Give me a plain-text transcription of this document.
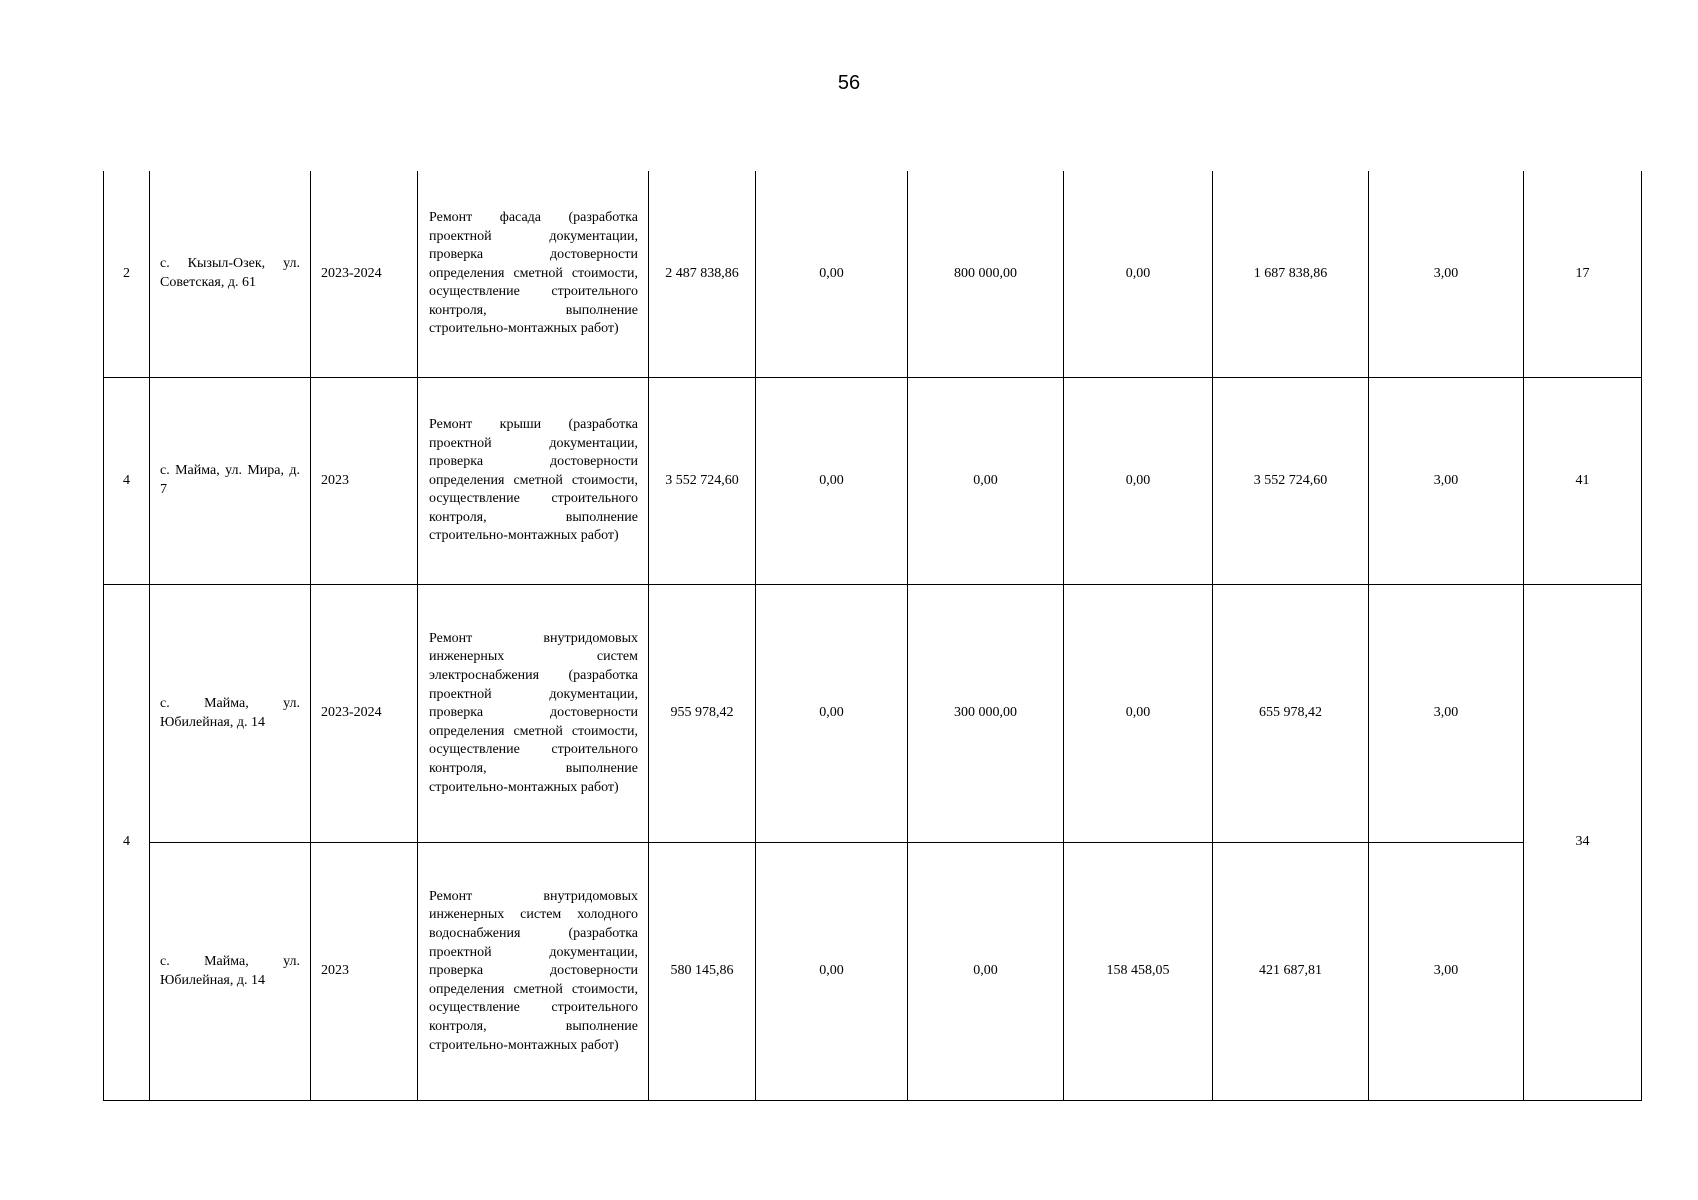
56
2	с. Кызыл-Озек, ул. Советская, д. 61	2023-2024	Ремонт фасада (разработка проектной документации, проверка достоверности определения сметной стоимости, осуществление строительного контроля, выполнение строительно-монтажных работ)	2 487 838,86	0,00	800 000,00	0,00	1 687 838,86	3,00	17
4	с. Майма, ул. Мира, д. 7	2023	Ремонт крыши (разработка проектной документации, проверка достоверности определения сметной стоимости, осуществление строительного контроля, выполнение строительно-монтажных работ)	3 552 724,60	0,00	0,00	0,00	3 552 724,60	3,00	41
4	с. Майма, ул. Юбилейная, д. 14	2023-2024	Ремонт внутридомовых инженерных систем электроснабжения (разработка проектной документации, проверка достоверности определения сметной стоимости, осуществление строительного контроля, выполнение строительно-монтажных работ)	955 978,42	0,00	300 000,00	0,00	655 978,42	3,00	34

	с. Майма, ул. Юбилейная, д. 14	2023	Ремонт внутридомовых инженерных систем холодного водоснабжения (разработка проектной документации, проверка достоверности определения сметной стоимости, осуществление строительного контроля, выполнение строительно-монтажных работ)	580 145,86	0,00	0,00	158 458,05	421 687,81	3,00	
